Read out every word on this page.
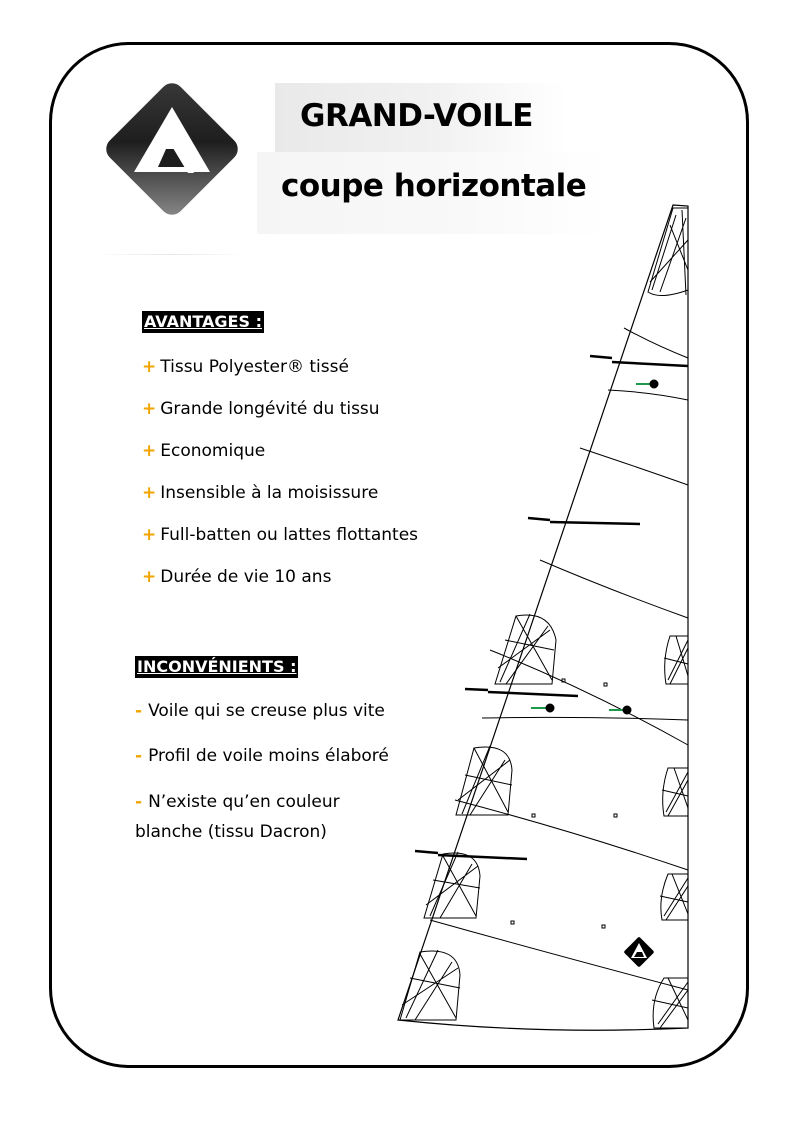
GRAND-VOILE
coupe horizontale
AVANTAGES :
+ Tissu Polyester® tissé
+ Grande longévité du tissu
+ Economique
+ Insensible à la moisissure
+ Full-batten ou lattes flottantes
+ Durée de vie 10 ans
INCONVÉNIENTS :
- Voile qui se creuse plus vite
- Profil de voile moins élaboré
- N’existe qu’en couleur
blanche (tissu Dacron)
